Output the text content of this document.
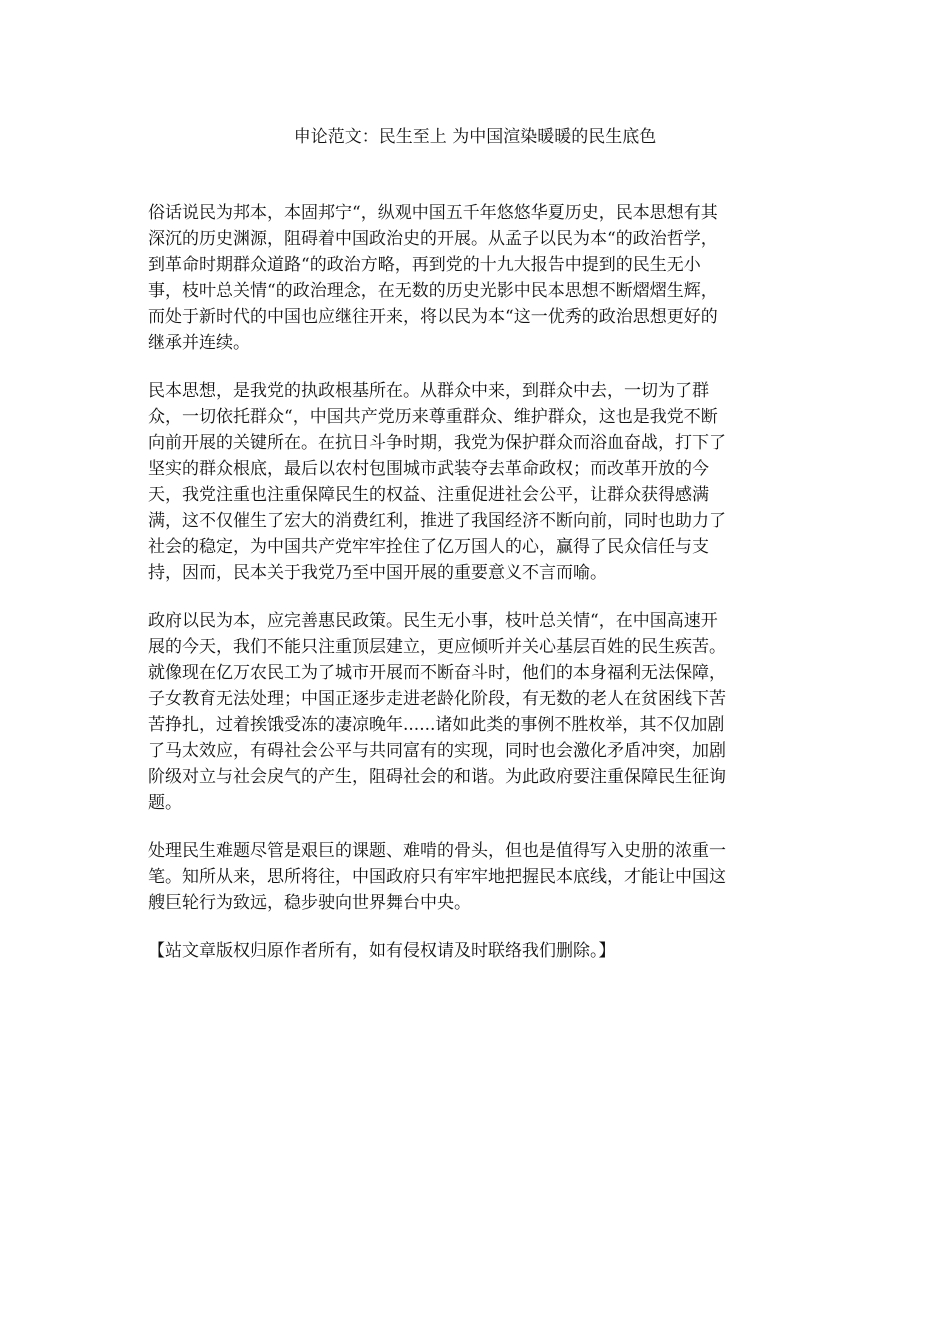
申论范文：民生至上 为中国渲染暖暖的民生底色

俗话说民为邦本，本固邦宁“，纵观中国五千年悠悠华夏历史，民本思想有其
深沉的历史渊源，阻碍着中国政治史的开展。从孟子以民为本“的政治哲学，
到革命时期群众道路“的政治方略，再到党的十九大报告中提到的民生无小
事，枝叶总关情“的政治理念，在无数的历史光影中民本思想不断熠熠生辉，
而处于新时代的中国也应继往开来，将以民为本“这一优秀的政治思想更好的
继承并连续。

民本思想，是我党的执政根基所在。从群众中来，到群众中去，一切为了群
众，一切依托群众“，中国共产党历来尊重群众、维护群众，这也是我党不断
向前开展的关键所在。在抗日斗争时期，我党为保护群众而浴血奋战，打下了
坚实的群众根底，最后以农村包围城市武装夺去革命政权；而改革开放的今
天，我党注重也注重保障民生的权益、注重促进社会公平，让群众获得感满
满，这不仅催生了宏大的消费红利，推进了我国经济不断向前，同时也助力了
社会的稳定，为中国共产党牢牢拴住了亿万国人的心，赢得了民众信任与支
持，因而，民本关于我党乃至中国开展的重要意义不言而喻。

政府以民为本，应完善惠民政策。民生无小事，枝叶总关情“，在中国高速开
展的今天，我们不能只注重顶层建立，更应倾听并关心基层百姓的民生疾苦。
就像现在亿万农民工为了城市开展而不断奋斗时，他们的本身福利无法保障，
子女教育无法处理；中国正逐步走进老龄化阶段，有无数的老人在贫困线下苦
苦挣扎，过着挨饿受冻的凄凉晚年......诸如此类的事例不胜枚举，其不仅加剧
了马太效应，有碍社会公平与共同富有的实现，同时也会激化矛盾冲突，加剧
阶级对立与社会戾气的产生，阻碍社会的和谐。为此政府要注重保障民生征询
题。

处理民生难题尽管是艰巨的课题、难啃的骨头，但也是值得写入史册的浓重一
笔。知所从来，思所将往，中国政府只有牢牢地把握民本底线，才能让中国这
艘巨轮行为致远，稳步驶向世界舞台中央。

【站文章版权归原作者所有，如有侵权请及时联络我们删除。】
